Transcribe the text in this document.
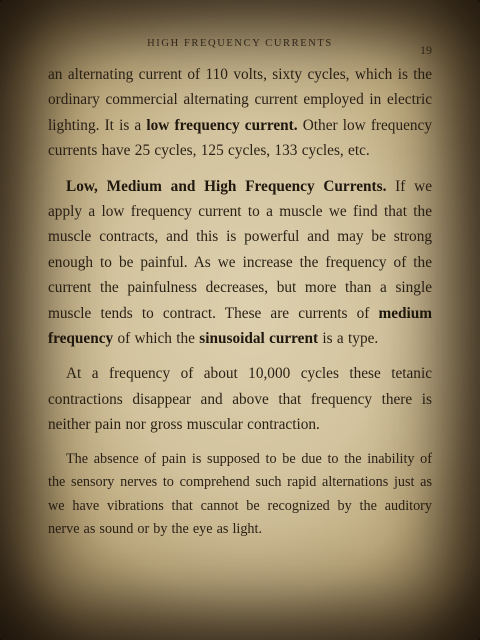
HIGH FREQUENCY CURRENTS	19

an alternating current of 110 volts, sixty cycles, which is the ordinary commercial alternating current employed in electric lighting. It is a low frequency current. Other low frequency currents have 25 cycles, 125 cycles, 133 cycles, etc.

Low, Medium and High Frequency Currents. If we apply a low frequency current to a muscle we find that the muscle contracts, and this is powerful and may be strong enough to be painful. As we increase the frequency of the current the painfulness decreases, but more than a single muscle tends to contract. These are currents of medium frequency of which the sinusoidal current is a type.

At a frequency of about 10,000 cycles these tetanic contractions disappear and above that frequency there is neither pain nor gross muscular contraction.

The absence of pain is supposed to be due to the inability of the sensory nerves to comprehend such rapid alternations just as we have vibrations that cannot be recognized by the auditory nerve as sound or by the eye as light.
